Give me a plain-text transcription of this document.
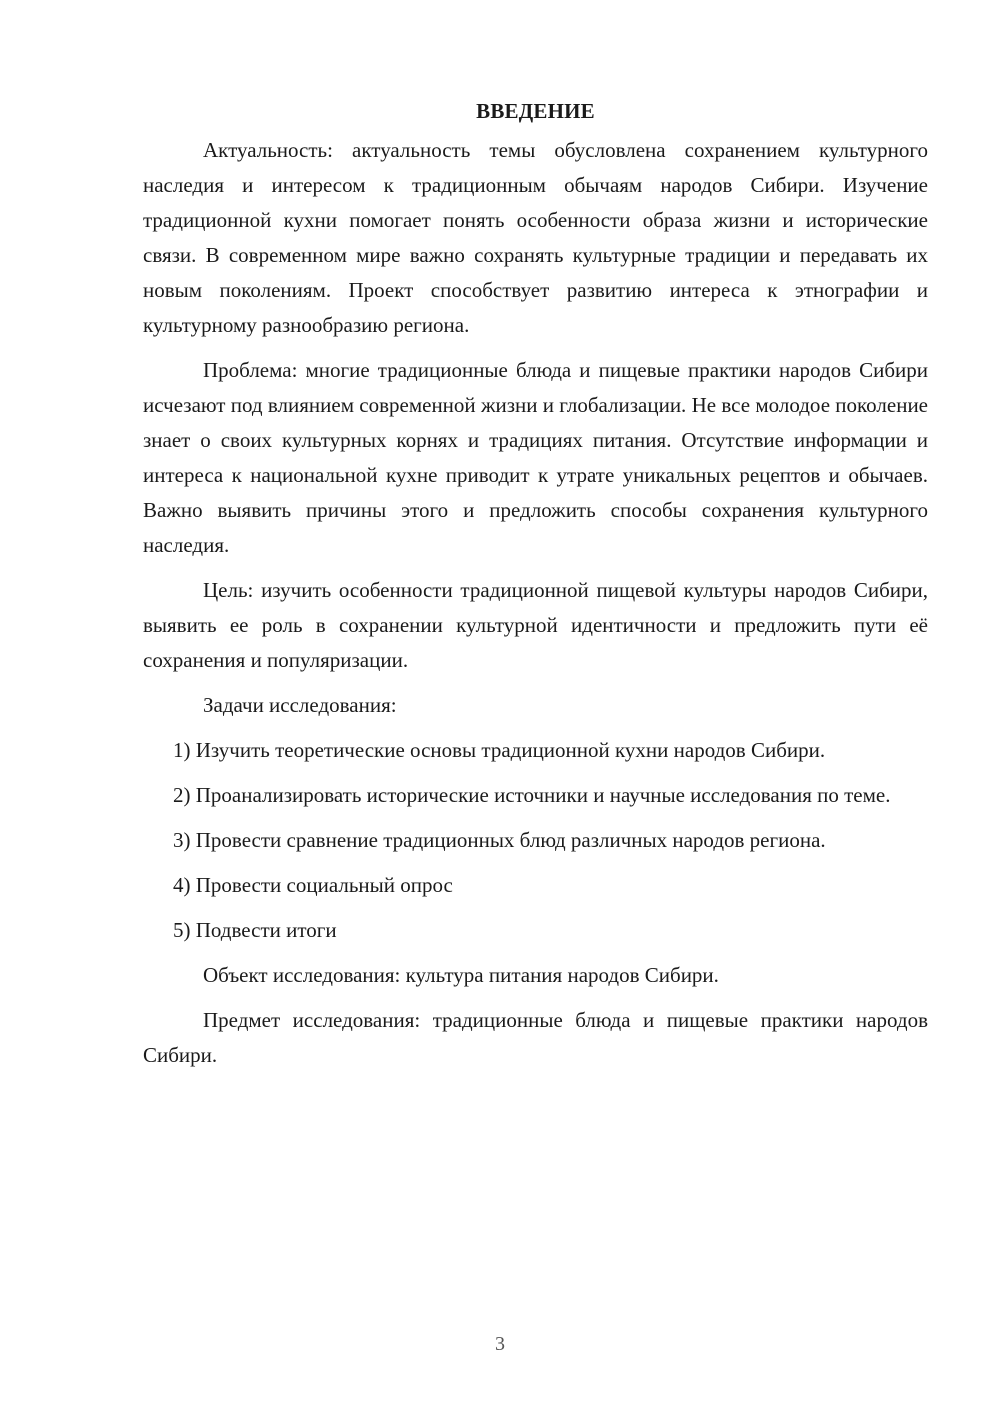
ВВЕДЕНИЕ

Актуальность: актуальность темы обусловлена сохранением культурного наследия и интересом к традиционным обычаям народов Сибири. Изучение традиционной кухни помогает понять особенности образа жизни и исторические связи. В современном мире важно сохранять культурные традиции и передавать их новым поколениям. Проект способствует развитию интереса к этнографии и культурному разнообразию региона.

Проблема: многие традиционные блюда и пищевые практики народов Сибири исчезают под влиянием современной жизни и глобализации. Не все молодое поколение знает о своих культурных корнях и традициях питания. Отсутствие информации и интереса к национальной кухне приводит к утрате уникальных рецептов и обычаев. Важно выявить причины этого и предложить способы сохранения культурного наследия.

Цель: изучить особенности традиционной пищевой культуры народов Сибири, выявить ее роль в сохранении культурной идентичности и предложить пути её сохранения и популяризации.

Задачи исследования:

1) Изучить теоретические основы традиционной кухни народов Сибири.

2) Проанализировать исторические источники и научные исследования по теме.

3) Провести сравнение традиционных блюд различных народов региона.

4) Провести социальный опрос

5) Подвести итоги

Объект исследования: культура питания народов Сибири.

Предмет исследования: традиционные блюда и пищевые практики народов Сибири.

3
